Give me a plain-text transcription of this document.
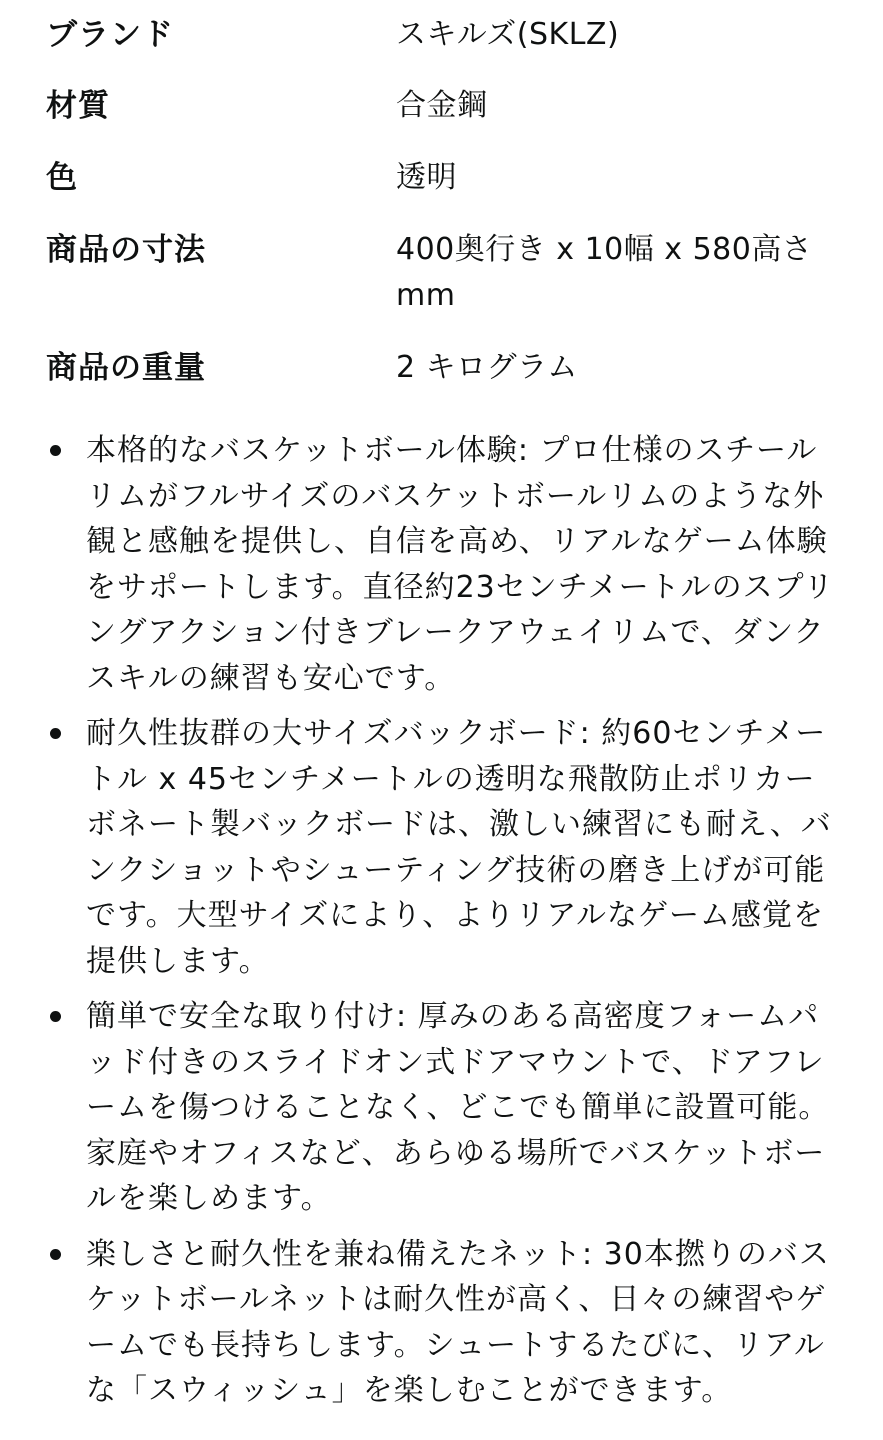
ブランド	スキルズ(SKLZ)
材質	合金鋼
色	透明
商品の寸法	400奥行き x 10幅 x 580高さ mm
商品の重量	2 キログラム
本格的なバスケットボール体験: プロ仕様のスチールリムがフルサイズのバスケットボールリムのような外観と感触を提供し、自信を高め、リアルなゲーム体験をサポートします。直径約23センチメートルのスプリングアクション付きブレークアウェイリムで、ダンクスキルの練習も安心です。
耐久性抜群の大サイズバックボード: 約60センチメートル x 45センチメートルの透明な飛散防止ポリカーボネート製バックボードは、激しい練習にも耐え、バンクショットやシューティング技術の磨き上げが可能です。大型サイズにより、よりリアルなゲーム感覚を提供します。
簡単で安全な取り付け: 厚みのある高密度フォームパッド付きのスライドオン式ドアマウントで、ドアフレームを傷つけることなく、どこでも簡単に設置可能。家庭やオフィスなど、あらゆる場所でバスケットボールを楽しめます。
楽しさと耐久性を兼ね備えたネット: 30本撚りのバスケットボールネットは耐久性が高く、日々の練習やゲームでも長持ちします。シュートするたびに、リアルな「スウィッシュ」を楽しむことができます。
